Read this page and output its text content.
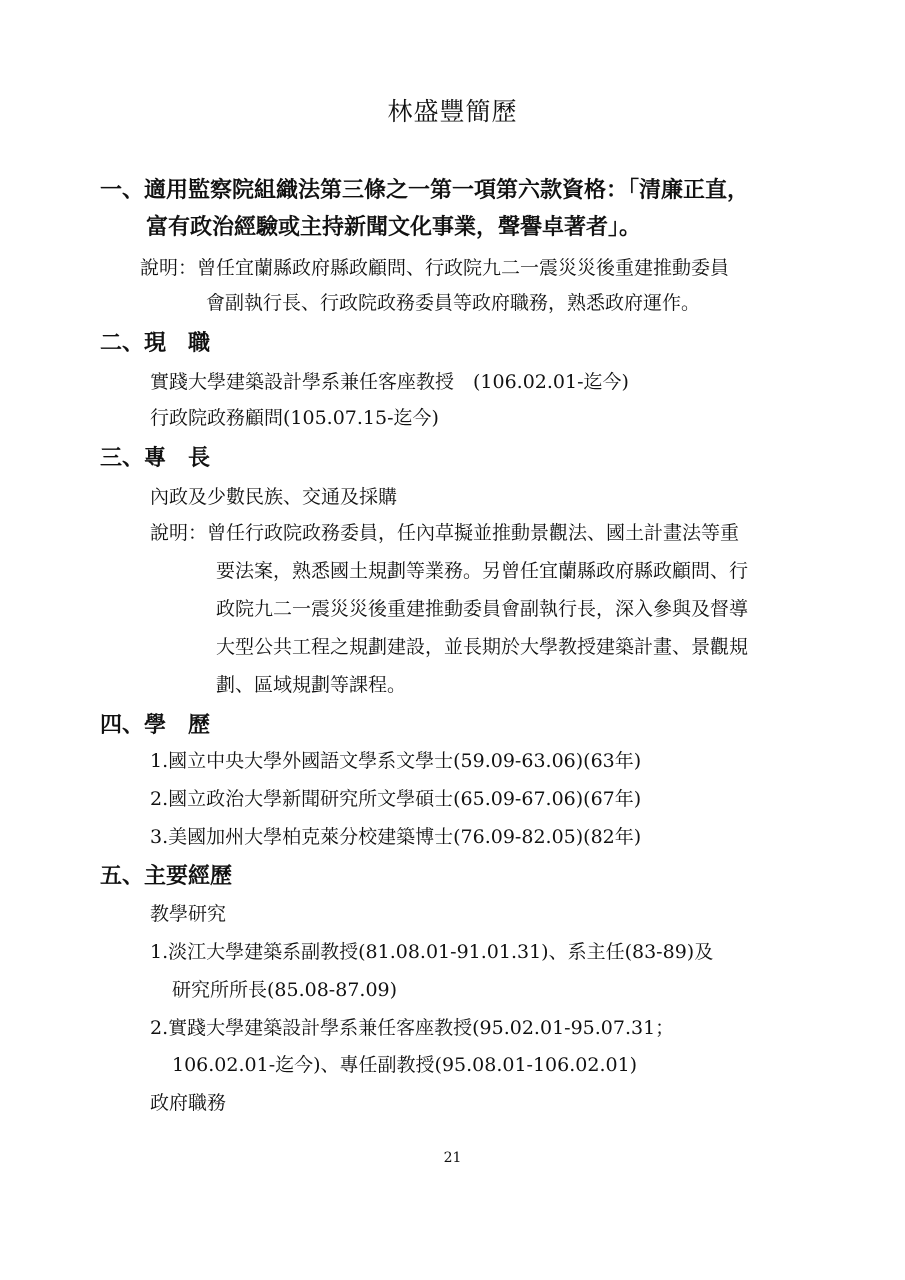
林盛豐簡歷
一、適用監察院組織法第三條之一第一項第六款資格：「清廉正直，
富有政治經驗或主持新聞文化事業，聲譽卓著者」。
說明：曾任宜蘭縣政府縣政顧問、行政院九二一震災災後重建推動委員
會副執行長、行政院政務委員等政府職務，熟悉政府運作。
二、現　職
實踐大學建築設計學系兼任客座教授　(106.02.01-迄今)
行政院政務顧問(105.07.15-迄今)
三、專　長
內政及少數民族、交通及採購
說明：曾任行政院政務委員，任內草擬並推動景觀法、國土計畫法等重
要法案，熟悉國土規劃等業務。另曾任宜蘭縣政府縣政顧問、行
政院九二一震災災後重建推動委員會副執行長，深入參與及督導
大型公共工程之規劃建設，並長期於大學教授建築計畫、景觀規
劃、區域規劃等課程。
四、學　歷
1.國立中央大學外國語文學系文學士(59.09-63.06)(63年)
2.國立政治大學新聞研究所文學碩士(65.09-67.06)(67年)
3.美國加州大學柏克萊分校建築博士(76.09-82.05)(82年)
五、主要經歷
教學研究
1.淡江大學建築系副教授(81.08.01-91.01.31)、系主任(83-89)及
研究所所長(85.08-87.09)
2.實踐大學建築設計學系兼任客座教授(95.02.01-95.07.31；
106.02.01-迄今)、專任副教授(95.08.01-106.02.01)
政府職務
21
